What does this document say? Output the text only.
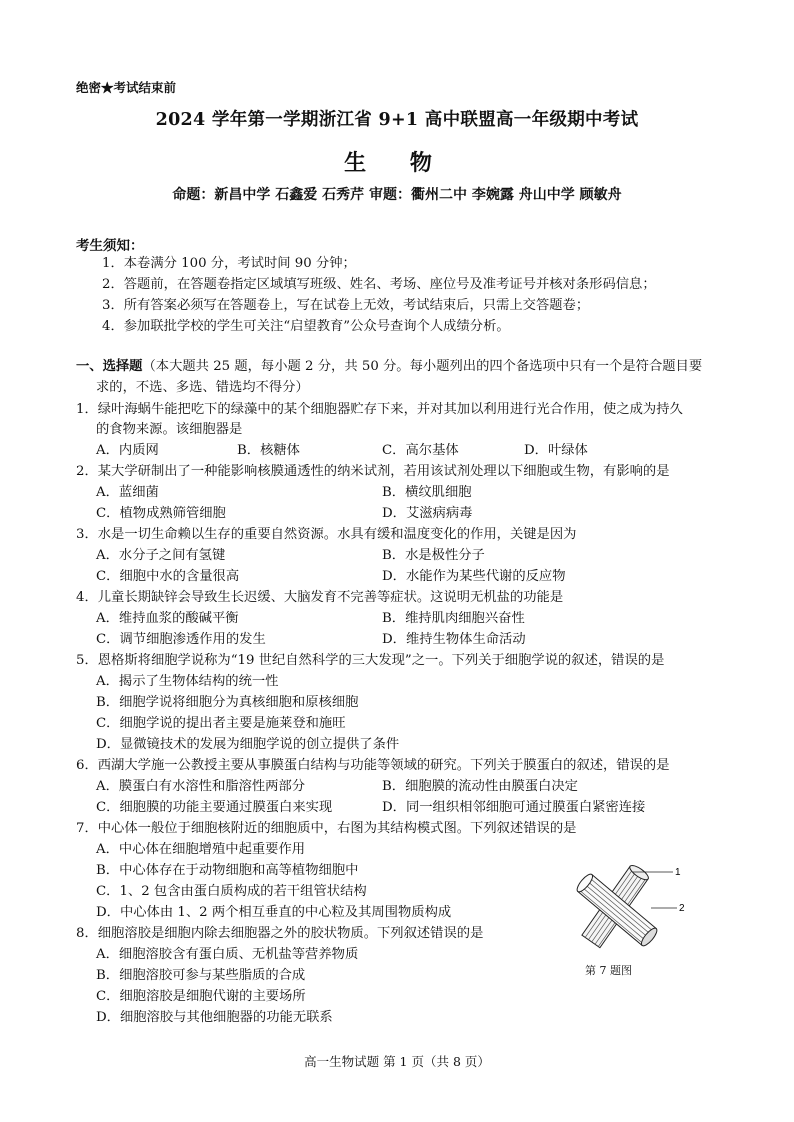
绝密★考试结束前
2024 学年第一学期浙江省 9+1 高中联盟高一年级期中考试
生 物
命题：新昌中学 石鑫爱 石秀芹 审题：衢州二中 李婉露 舟山中学 顾敏舟
考生须知：
1．本卷满分 100 分，考试时间 90 分钟；
2．答题前，在答题卷指定区域填写班级、姓名、考场、座位号及准考证号并核对条形码信息；
3．所有答案必须写在答题卷上，写在试卷上无效，考试结束后，只需上交答题卷；
4．参加联批学校的学生可关注“启望教育”公众号查询个人成绩分析。
一、选择题（本大题共 25 题，每小题 2 分，共 50 分。每小题列出的四个备选项中只有一个是符合题目要
求的，不选、多选、错选均不得分）
1．绿叶海蜗牛能把吃下的绿藻中的某个细胞器贮存下来，并对其加以利用进行光合作用，使之成为持久
的食物来源。该细胞器是
A．内质网	B．核糖体	C．高尔基体	D．叶绿体
2．某大学研制出了一种能影响核膜通透性的纳米试剂，若用该试剂处理以下细胞或生物，有影响的是
A．蓝细菌	B．横纹肌细胞
C．植物成熟筛管细胞	D．艾滋病病毒
3．水是一切生命赖以生存的重要自然资源。水具有缓和温度变化的作用，关键是因为
A．水分子之间有氢键	B．水是极性分子
C．细胞中水的含量很高	D．水能作为某些代谢的反应物
4．儿童长期缺锌会导致生长迟缓、大脑发育不完善等症状。这说明无机盐的功能是
A．维持血浆的酸碱平衡	B．维持肌肉细胞兴奋性
C．调节细胞渗透作用的发生	D．维持生物体生命活动
5．恩格斯将细胞学说称为“19 世纪自然科学的三大发现”之一。下列关于细胞学说的叙述，错误的是
A．揭示了生物体结构的统一性
B．细胞学说将细胞分为真核细胞和原核细胞
C．细胞学说的提出者主要是施莱登和施旺
D．显微镜技术的发展为细胞学说的创立提供了条件
6．西湖大学施一公教授主要从事膜蛋白结构与功能等领域的研究。下列关于膜蛋白的叙述，错误的是
A．膜蛋白有水溶性和脂溶性两部分	B．细胞膜的流动性由膜蛋白决定
C．细胞膜的功能主要通过膜蛋白来实现	D．同一组织相邻细胞可通过膜蛋白紧密连接
7．中心体一般位于细胞核附近的细胞质中，右图为其结构模式图。下列叙述错误的是
A．中心体在细胞增殖中起重要作用
B．中心体存在于动物细胞和高等植物细胞中
C．1、2 包含由蛋白质构成的若干组管状结构
D．中心体由 1、2 两个相互垂直的中心粒及其周围物质构成
8．细胞溶胶是细胞内除去细胞器之外的胶状物质。下列叙述错误的是
A．细胞溶胶含有蛋白质、无机盐等营养物质
B．细胞溶胶可参与某些脂质的合成
C．细胞溶胶是细胞代谢的主要场所
D．细胞溶胶与其他细胞器的功能无联系
1
2
第 7 题图
高一生物试题 第 1 页（共 8 页）
